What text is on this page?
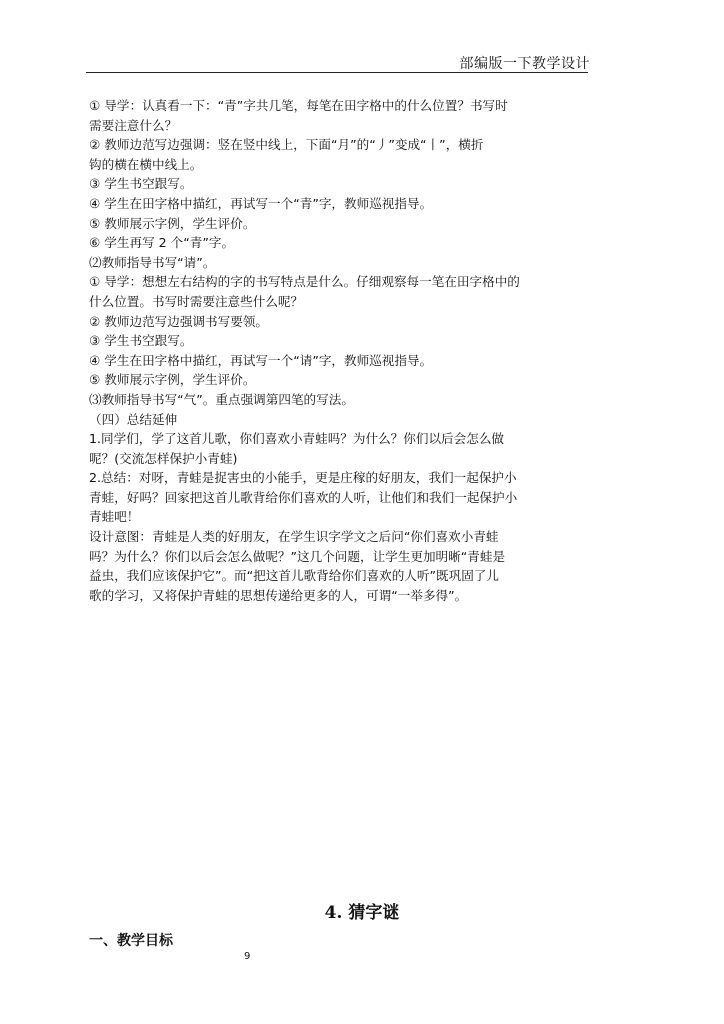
部编版一下教学设计

① 导学：认真看一下：“青”字共几笔，每笔在田字格中的什么位置？书写时

需要注意什么？

② 教师边范写边强调：竖在竖中线上，下面“月”的“丿”变成“丨”，横折

钩的横在横中线上。

③ 学生书空跟写。

④ 学生在田字格中描红，再试写一个“青”字，教师巡视指导。

⑤ 教师展示字例，学生评价。

⑥ 学生再写 2 个“青”字。

⑵教师指导书写“请”。

① 导学：想想左右结构的字的书写特点是什么。仔细观察每一笔在田字格中的

什么位置。书写时需要注意些什么呢？

② 教师边范写边强调书写要领。

③ 学生书空跟写。

④ 学生在田字格中描红，再试写一个“请”字，教师巡视指导。

⑤ 教师展示字例，学生评价。

⑶教师指导书写“气”。重点强调第四笔的写法。

（四）总结延伸

1.同学们，学了这首儿歌，你们喜欢小青蛙吗？为什么？你们以后会怎么做

呢？(交流怎样保护小青蛙)

2.总结：对呀，青蛙是捉害虫的小能手，更是庄稼的好朋友，我们一起保护小

青蛙，好吗？回家把这首儿歌背给你们喜欢的人听，让他们和我们一起保护小

青蛙吧！

设计意图：青蛙是人类的好朋友，在学生识字学文之后问“你们喜欢小青蛙

吗？为什么？你们以后会怎么做呢？”这几个问题，让学生更加明晰“青蛙是

益虫，我们应该保护它”。而“把这首儿歌背给你们喜欢的人听”既巩固了儿

歌的学习，又将保护青蛙的思想传递给更多的人，可谓“一举多得”。

4. 猜字谜
一、教学目标
9
